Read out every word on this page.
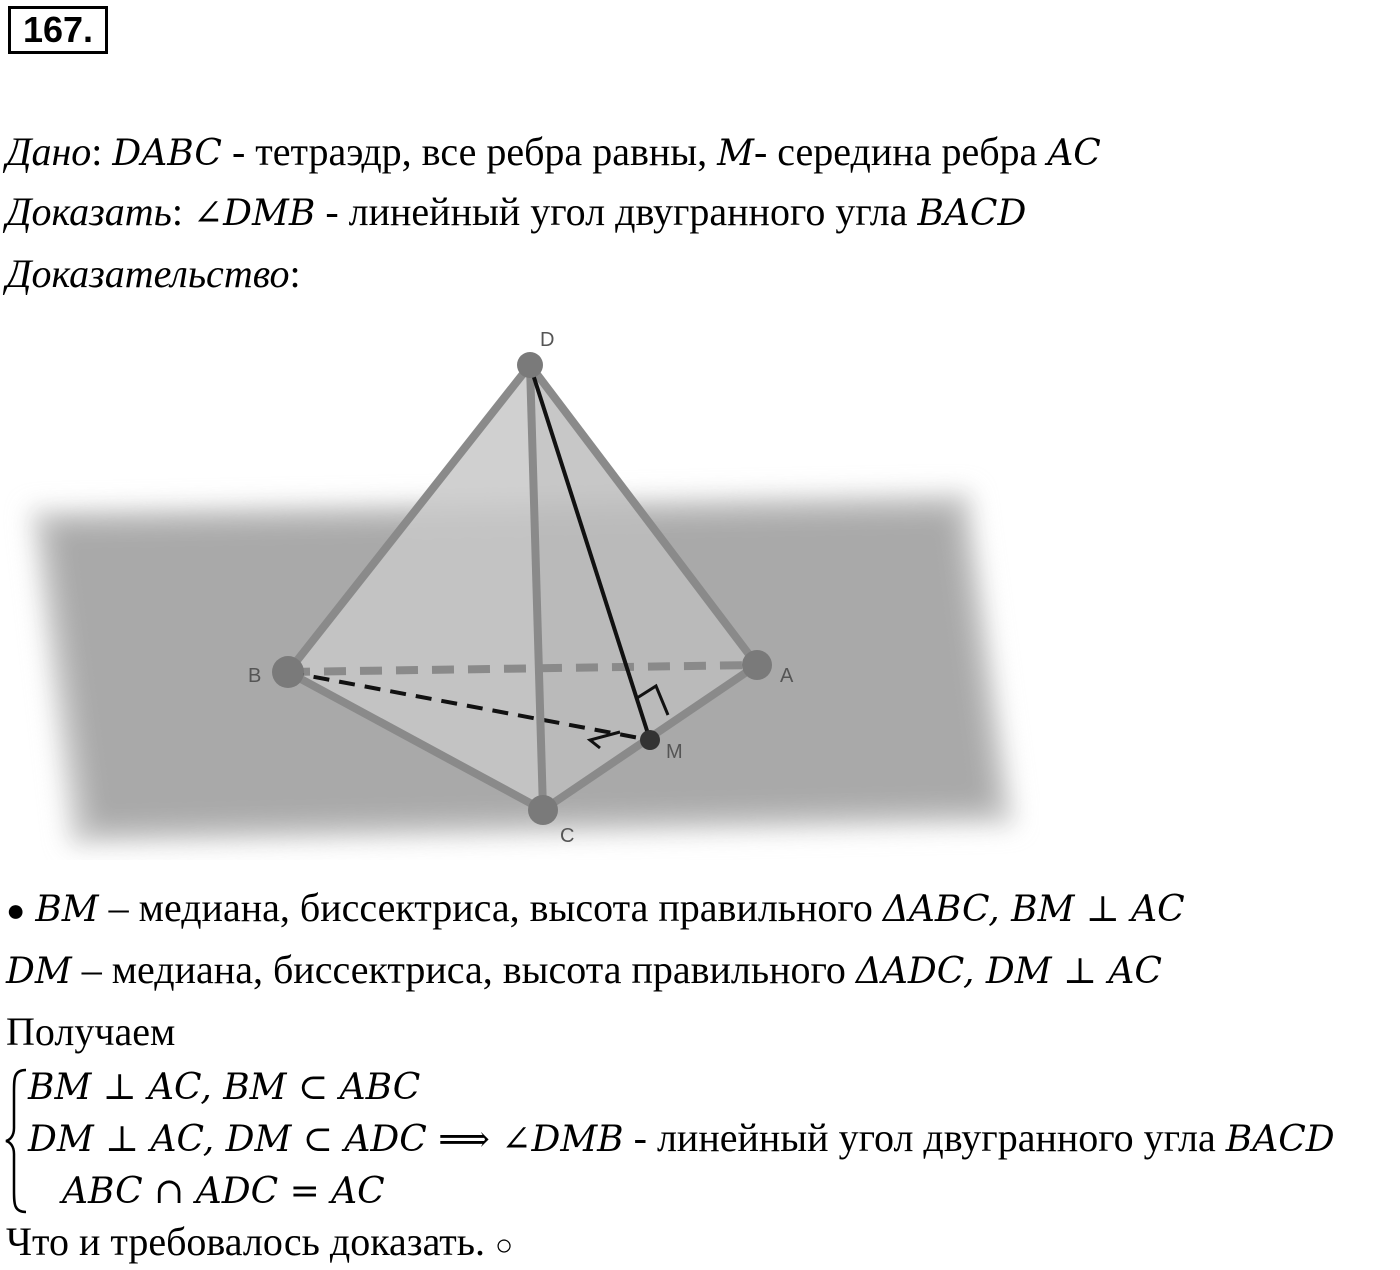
167.
Дано: DABC - тетраэдр, все ребра равны, M- середина ребра AC
Доказать: ∠DMB - линейный угол двугранного угла BACD
Доказательство:
D
B	A
M
C
● BM – медиана, биссектриса, высота правильного ΔABC, BM ⊥ AC
DM – медиана, биссектриса, высота правильного ΔADC, DM ⊥ AC
Получаем
BM ⊥ AC, BM ⊂ ABC
DM ⊥ AC, DM ⊂ ADC ⟹ ∠DMB - линейный угол двугранного угла BACD
ABC ∩ ADC = AC
Что и требовалось доказать. ○
